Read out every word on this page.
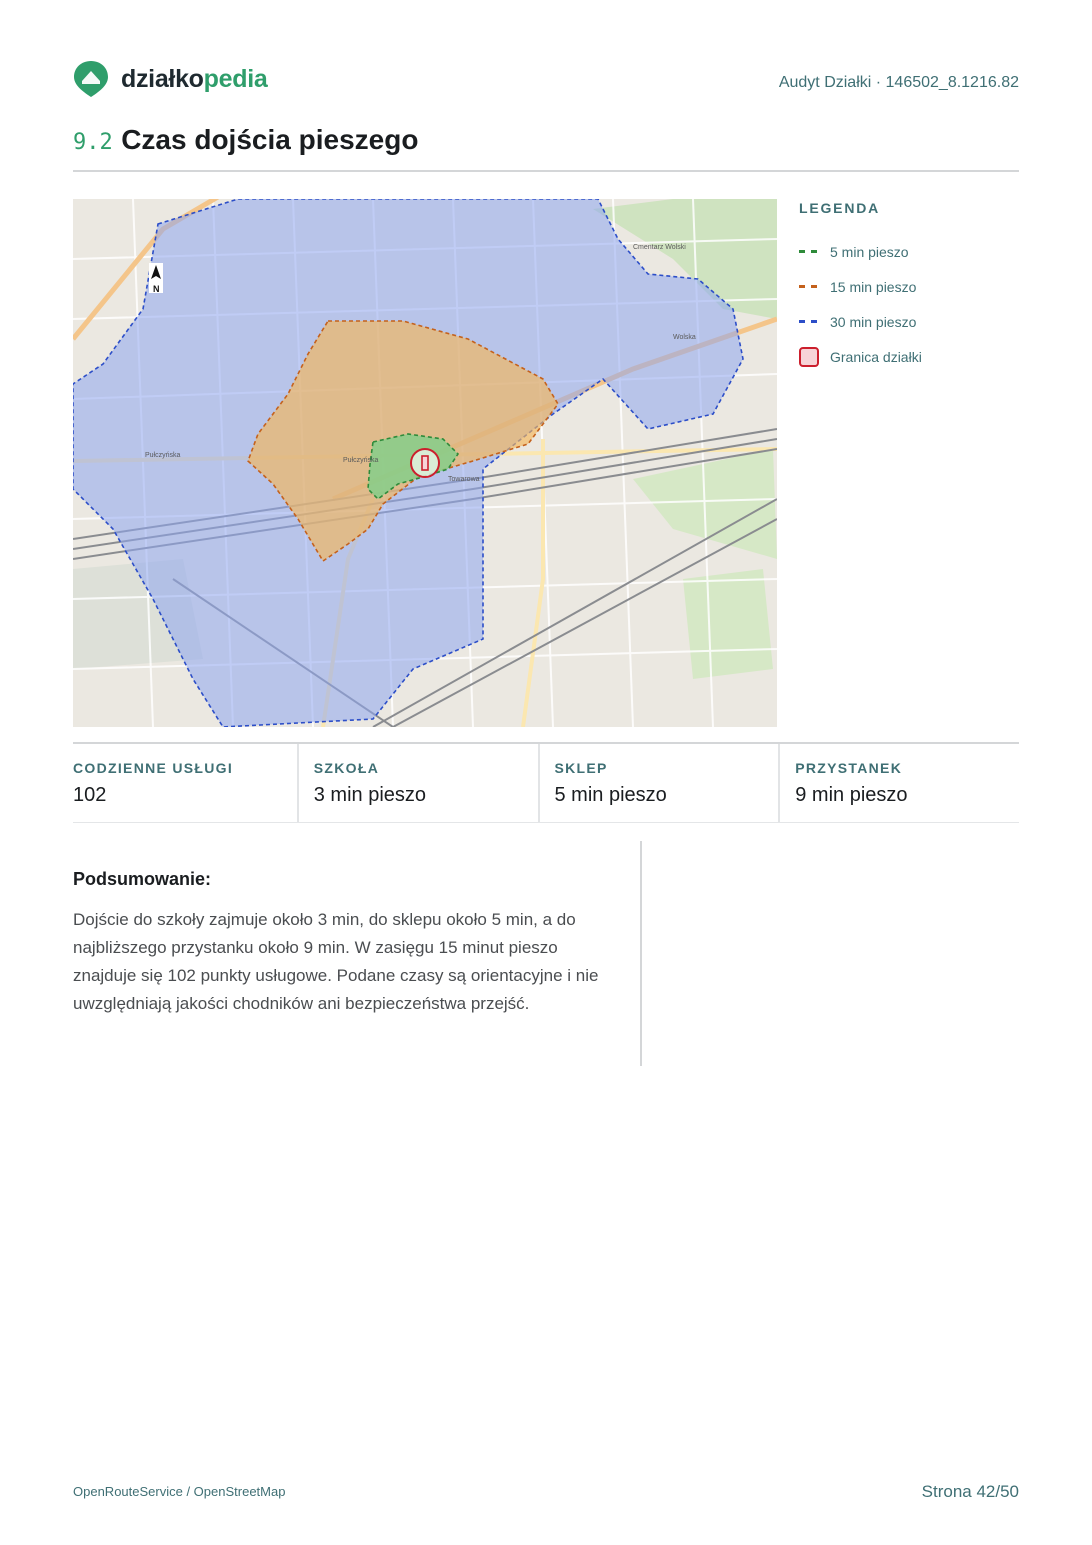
działkopedia	Audyt Działki · 146502_8.1216.82
9.2 Czas dojścia pieszego
N
Pułczyńska
Pułczyńska
Wolska
Cmentarz Wolski
Towarowa
LEGENDA
5 min pieszo
15 min pieszo
30 min pieszo
Granica działki
CODZIENNE USŁUGI
102
SZKOŁA
3 min pieszo
SKLEP
5 min pieszo
PRZYSTANEK
9 min pieszo
Podsumowanie:
Dojście do szkoły zajmuje około 3 min, do sklepu około 5 min, a do najbliższego przystanku około 9 min. W zasięgu 15 minut pieszo znajduje się 102 punkty usługowe. Podane czasy są orientacyjne i nie uwzględniają jakości chodników ani bezpieczeństwa przejść.
OpenRouteService / OpenStreetMap	Strona 42/50
